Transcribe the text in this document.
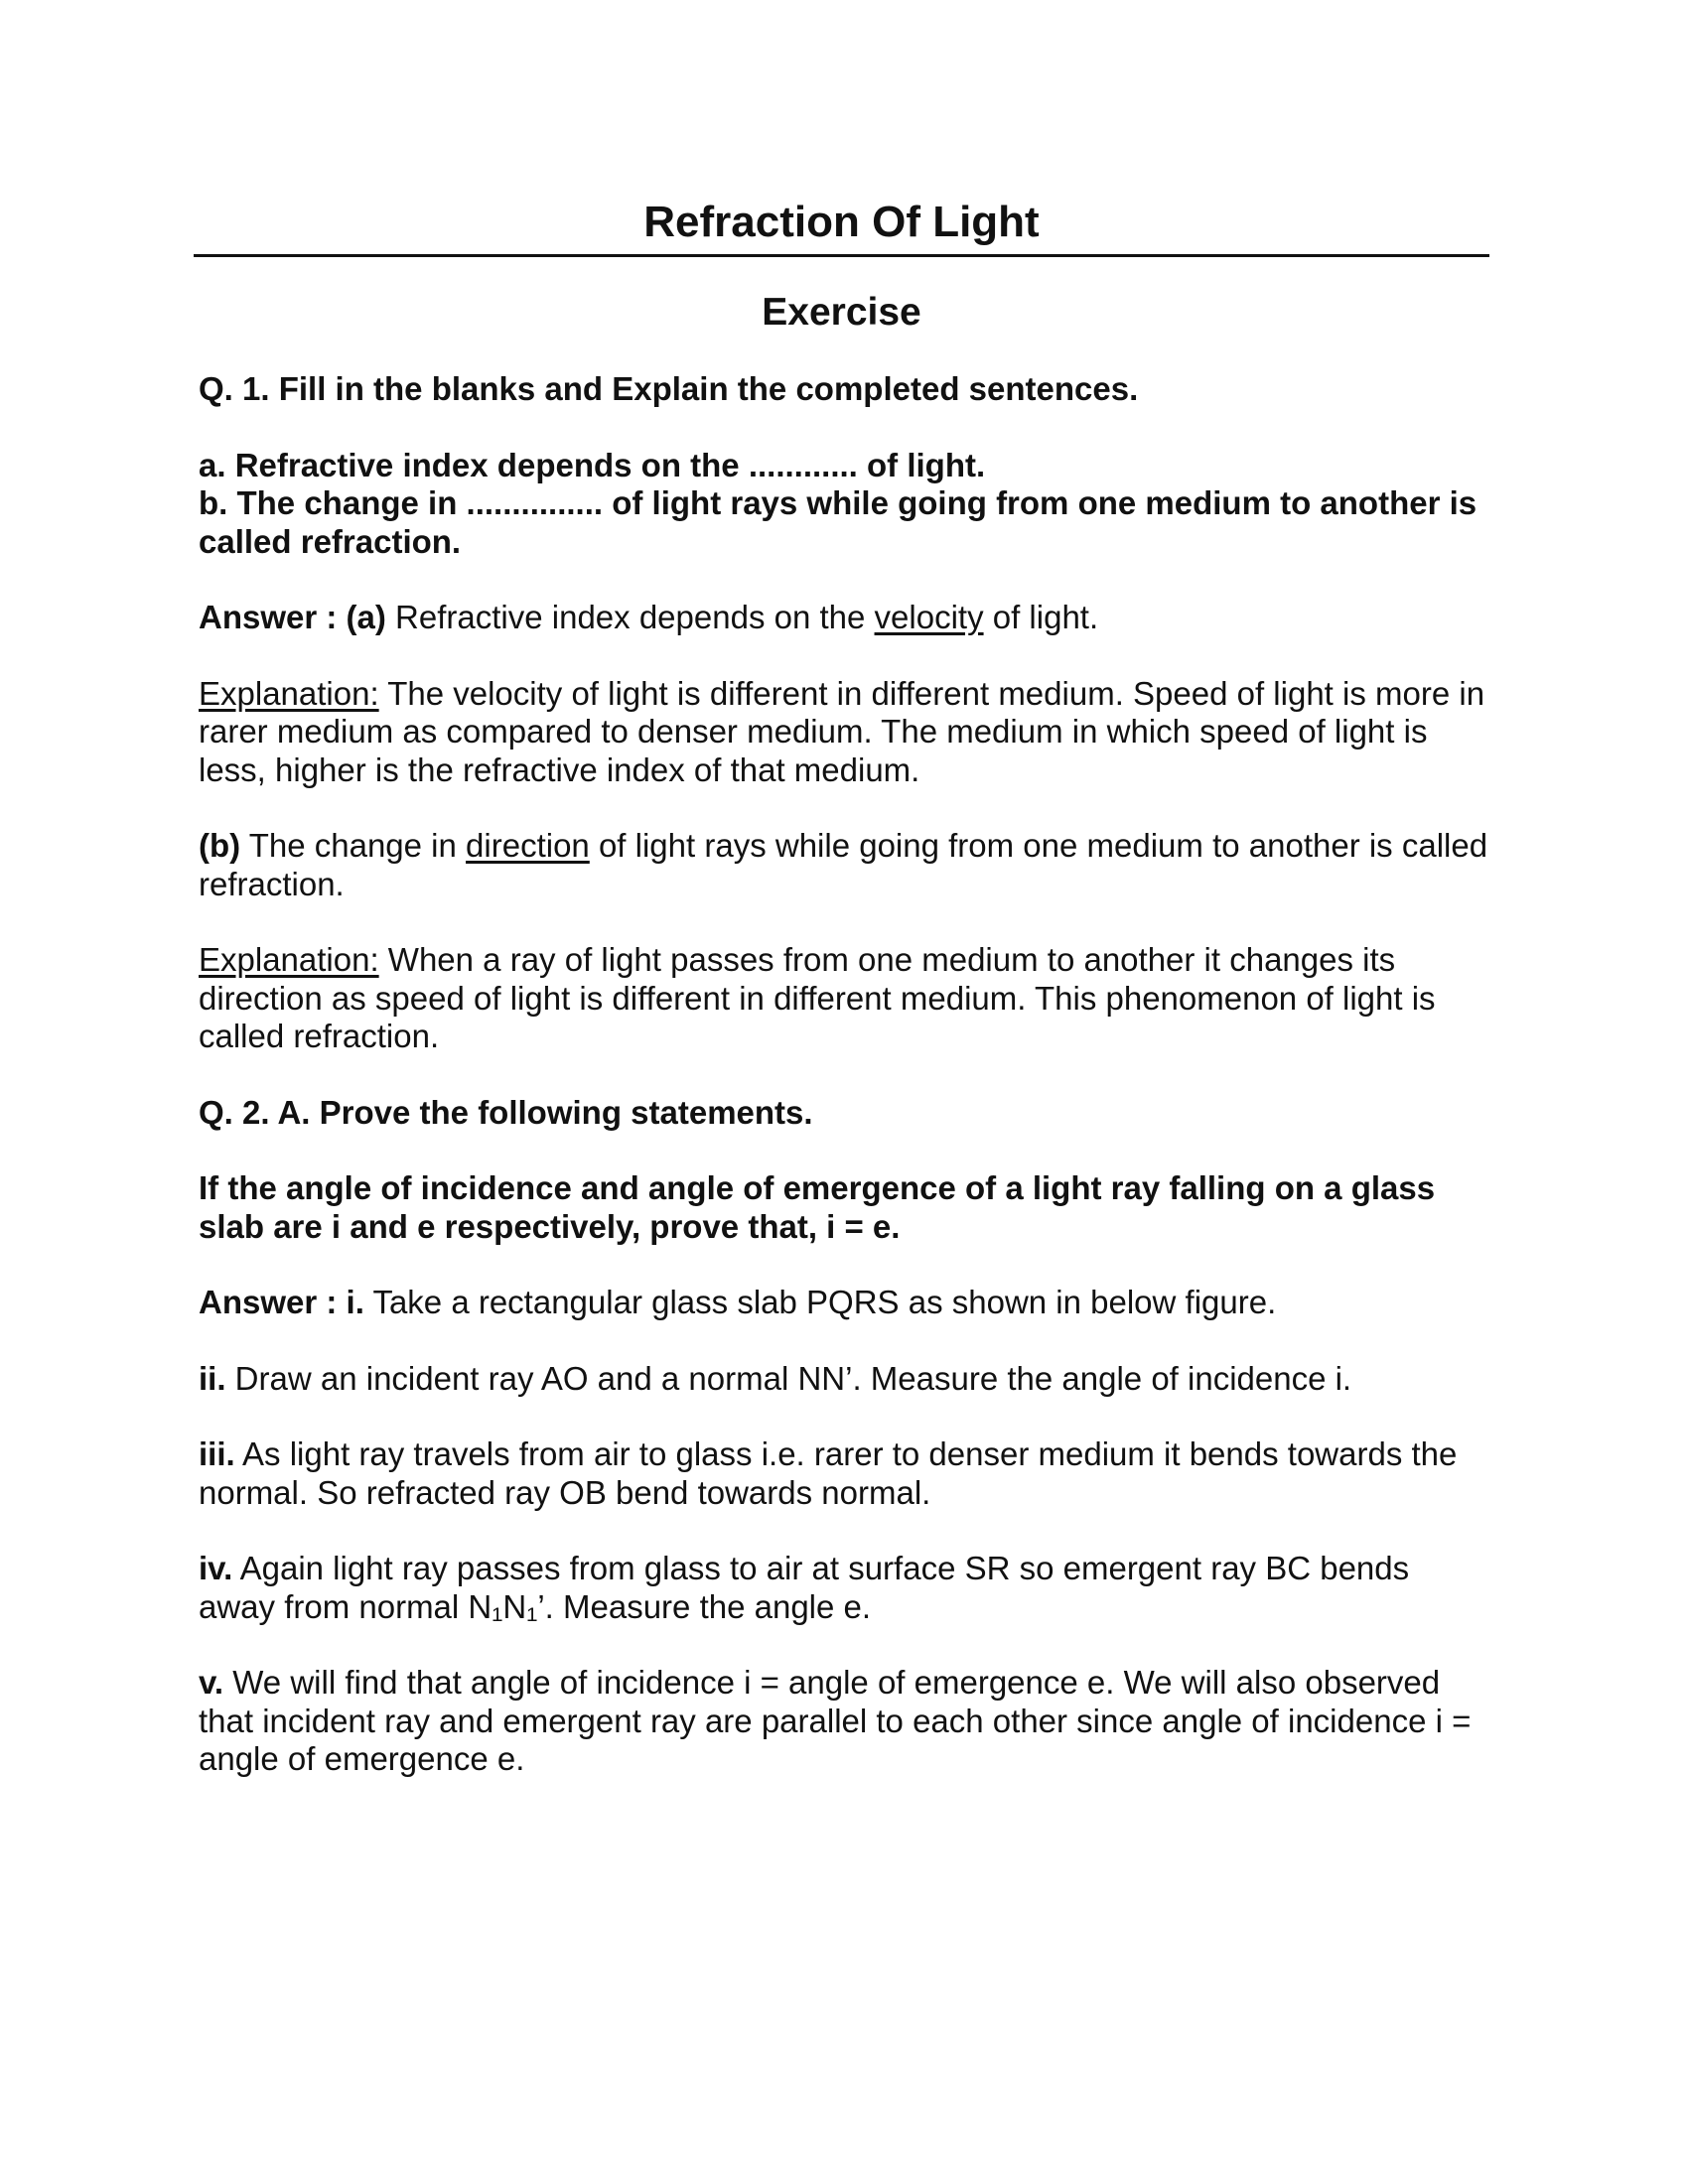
Refraction Of Light
Exercise

Q. 1. Fill in the blanks and Explain the completed sentences.

a. Refractive index depends on the ............ of light.
b. The change in ............... of light rays while going from one medium to another is called refraction.

Answer : (a) Refractive index depends on the velocity of light.

Explanation: The velocity of light is different in different medium. Speed of light is more in rarer medium as compared to denser medium. The medium in which speed of light is less, higher is the refractive index of that medium.

(b) The change in direction of light rays while going from one medium to another is called refraction.

Explanation: When a ray of light passes from one medium to another it changes its direction as speed of light is different in different medium. This phenomenon of light is called refraction.

Q. 2. A. Prove the following statements.

If the angle of incidence and angle of emergence of a light ray falling on a glass slab are i and e respectively, prove that, i = e.

Answer : i. Take a rectangular glass slab PQRS as shown in below figure.

ii. Draw an incident ray AO and a normal NN’. Measure the angle of incidence i.

iii. As light ray travels from air to glass i.e. rarer to denser medium it bends towards the normal. So refracted ray OB bend towards normal.

iv. Again light ray passes from glass to air at surface SR so emergent ray BC bends away from normal N₁N₁’. Measure the angle e.

v. We will find that angle of incidence i = angle of emergence e. We will also observed that incident ray and emergent ray are parallel to each other since angle of incidence i = angle of emergence e.
